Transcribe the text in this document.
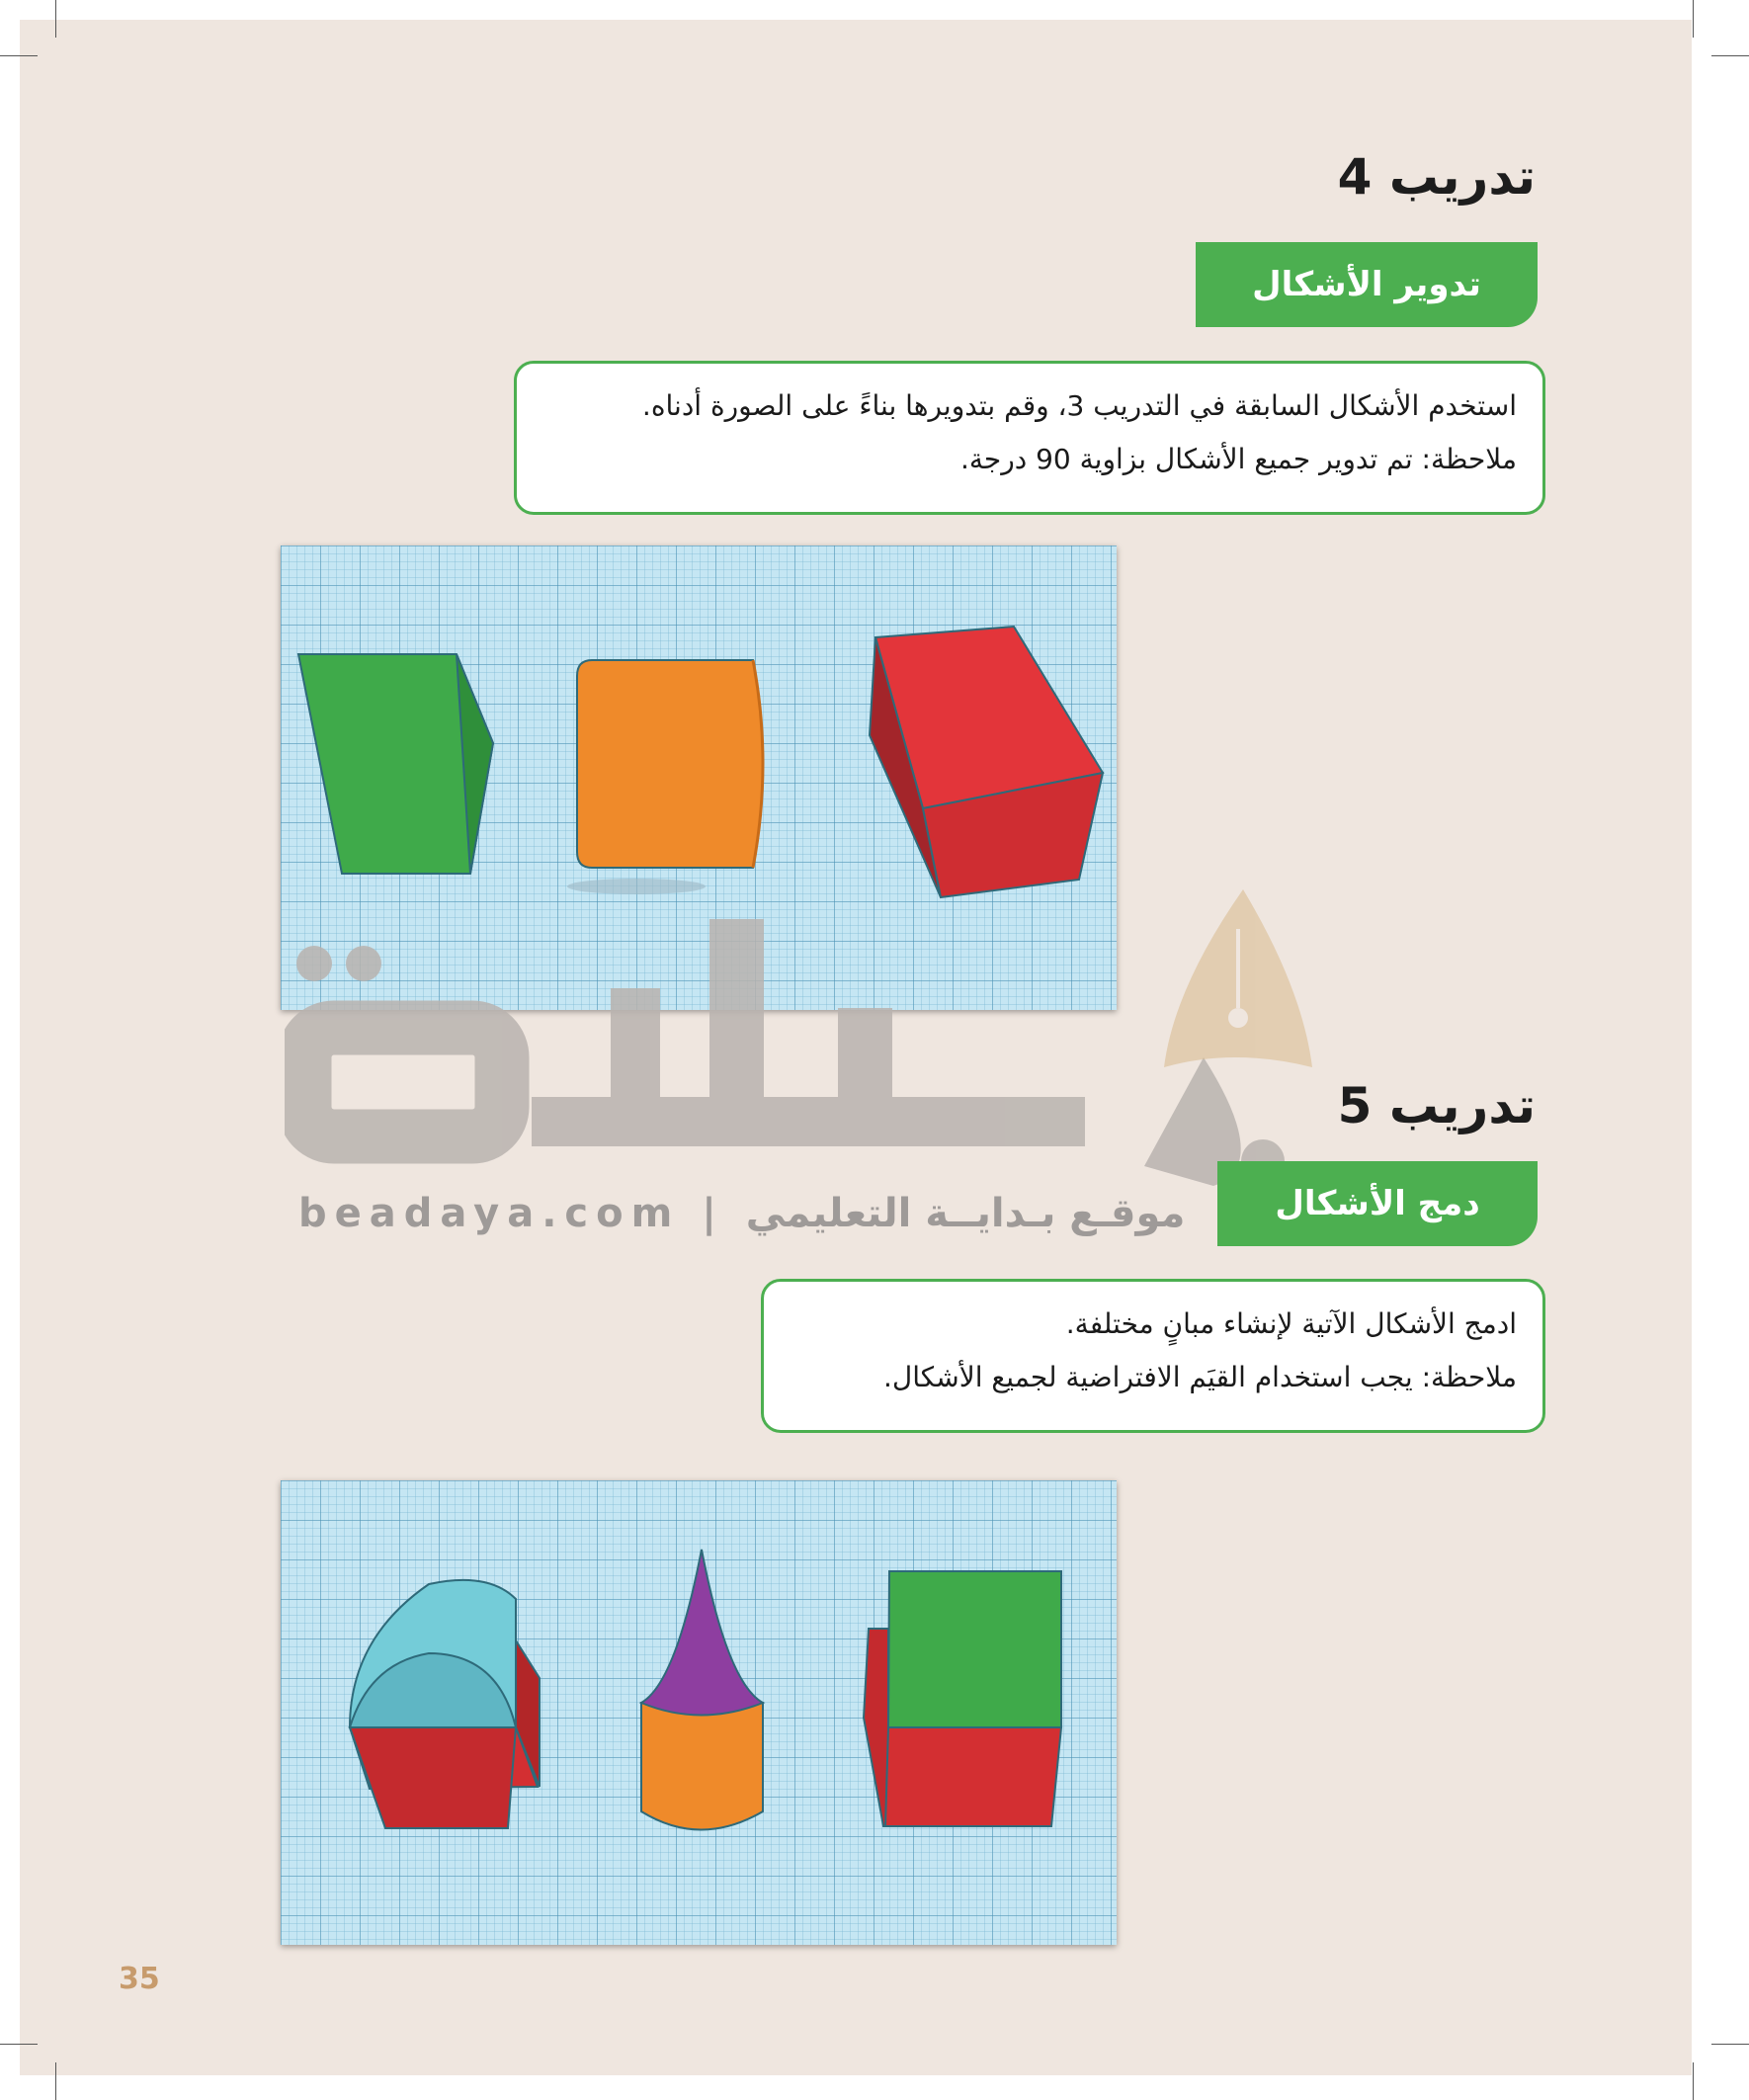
تدريب 4
تدوير الأشكال
استخدم الأشكال السابقة في التدريب 3، وقم بتدويرها بناءً على الصورة أدناه.
ملاحظة: تم تدوير جميع الأشكال بزاوية 90 درجة.
beadaya.com | موقـع بـدايــة التعليمي
تدريب 5
دمج الأشكال
ادمج الأشكال الآتية لإنشاء مبانٍ مختلفة.
ملاحظة: يجب استخدام القيَم الافتراضية لجميع الأشكال.
35
